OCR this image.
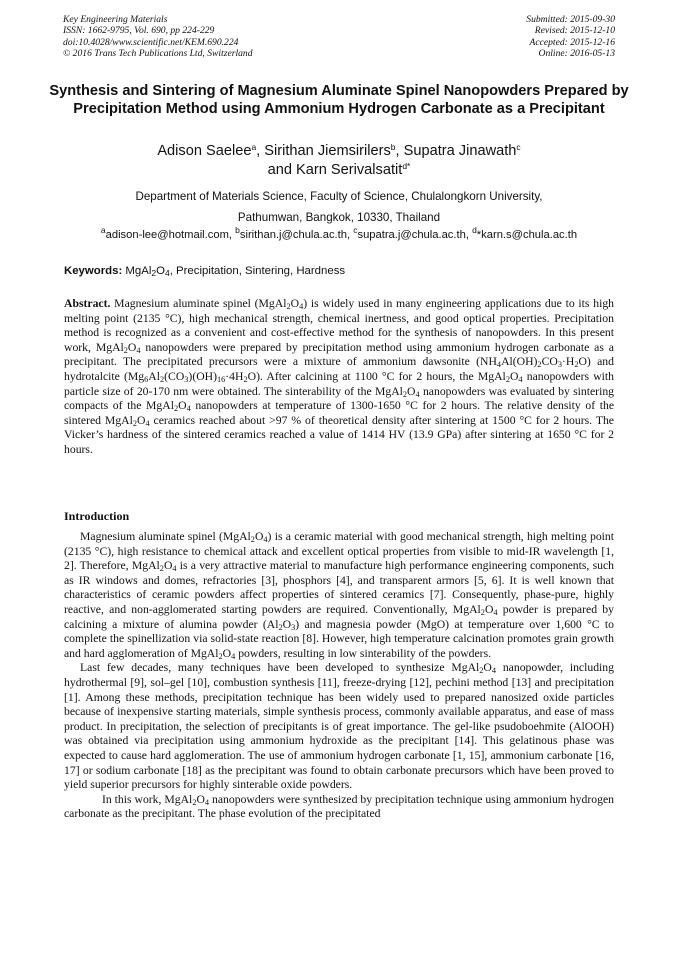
Key Engineering Materials
ISSN: 1662-9795, Vol. 690, pp 224-229
doi:10.4028/www.scientific.net/KEM.690.224
© 2016 Trans Tech Publications Ltd, Switzerland
Submitted: 2015-09-30
Revised: 2015-12-10
Accepted: 2015-12-16
Online: 2016-05-13
Synthesis and Sintering of Magnesium Aluminate Spinel Nanopowders Prepared by Precipitation Method using Ammonium Hydrogen Carbonate as a Precipitant
Adison Saelee$^a$, Sirithan Jiemsirilers$^b$, Supatra Jinawath$^c$
and Karn Serivalsatit$^{d*}$
Department of Materials Science, Faculty of Science, Chulalongkorn University,
Pathumwan, Bangkok, 10330, Thailand
$^a$adison-lee@hotmail.com, $^b$sirithan.j@chula.ac.th, $^c$supatra.j@chula.ac.th, $^d$*karn.s@chula.ac.th
Keywords: $MgAl_2O_4$, Precipitation, Sintering, Hardness
Abstract. Magnesium aluminate spinel (MgAl2O4) is widely used in many engineering applications due to its high melting point (2135 °C), high mechanical strength, chemical inertness, and good optical properties. Precipitation method is recognized as a convenient and cost-effective method for the synthesis of nanopowders. In this present work, MgAl2O4 nanopowders were prepared by precipitation method using ammonium hydrogen carbonate as a precipitant. The precipitated precursors were a mixture of ammonium dawsonite (NH4Al(OH)2CO3·H2O) and hydrotalcite (Mg6Al2(CO3)(OH)16·4H2O). After calcining at 1100 °C for 2 hours, the MgAl2O4 nanopowders with particle size of 20-170 nm were obtained. The sinterability of the MgAl2O4 nanopowders was evaluated by sintering compacts of the MgAl2O4 nanopowders at temperature of 1300-1650 °C for 2 hours. The relative density of the sintered MgAl2O4 ceramics reached about >97 % of theoretical density after sintering at 1500 °C for 2 hours. The Vicker’s hardness of the sintered ceramics reached a value of 1414 HV (13.9 GPa) after sintering at 1650 °C for 2 hours.
Introduction

Magnesium aluminate spinel (MgAl2O4) is a ceramic material with good mechanical strength, high melting point (2135 °C), high resistance to chemical attack and excellent optical properties from visible to mid-IR wavelength [1, 2]. Therefore, MgAl2O4 is a very attractive material to manufacture high performance engineering components, such as IR windows and domes, refractories [3], phosphors [4], and transparent armors [5, 6]. It is well known that characteristics of ceramic powders affect properties of sintered ceramics [7]. Consequently, phase-pure, highly reactive, and non-agglomerated starting powders are required. Conventionally, MgAl2O4 powder is prepared by calcining a mixture of alumina powder (Al2O3) and magnesia powder (MgO) at temperature over 1,600 °C to complete the spinellization via solid-state reaction [8]. However, high temperature calcination promotes grain growth and hard agglomeration of MgAl2O4 powders, resulting in low sinterability of the powders.

Last few decades, many techniques have been developed to synthesize MgAl2O4 nanopowder, including hydrothermal [9], sol–gel [10], combustion synthesis [11], freeze-drying [12], pechini method [13] and precipitation [1]. Among these methods, precipitation technique has been widely used to prepared nanosized oxide particles because of inexpensive starting materials, simple synthesis process, commonly available apparatus, and ease of mass product. In precipitation, the selection of precipitants is of great importance. The gel-like psudoboehmite (AlOOH) was obtained via precipitation using ammonium hydroxide as the precipitant [14]. This gelatinous phase was expected to cause hard agglomeration. The use of ammonium hydrogen carbonate [1, 15], ammonium carbonate [16, 17] or sodium carbonate [18] as the precipitant was found to obtain carbonate precursors which have been proved to yield superior precursors for highly sinterable oxide powders.

In this work, MgAl2O4 nanopowders were synthesized by precipitation technique using ammonium hydrogen carbonate as the precipitant. The phase evolution of the precipitated
